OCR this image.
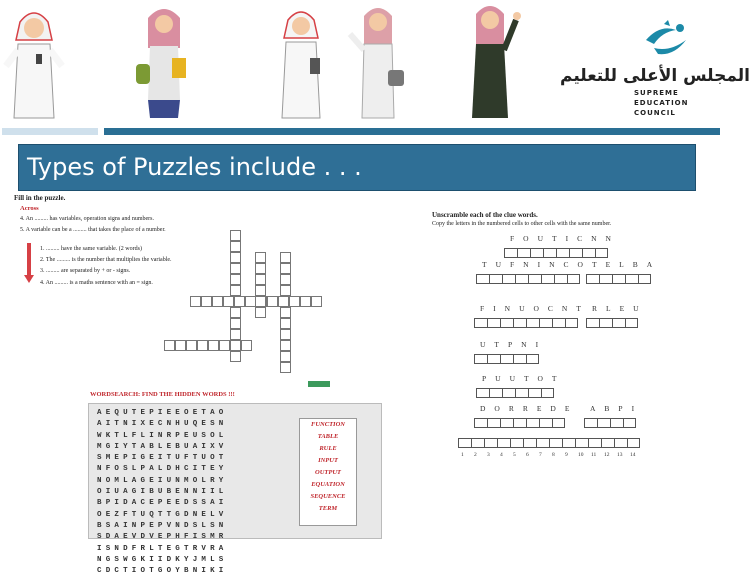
المجلس الأعلى للتعليم
SUPREME
EDUCATION
COUNCIL
Types of Puzzles include . . .
Fill in the puzzle.
Across
4. An ......... has variables, operation signs and numbers.
5. A variable can be a ......... that takes the place of a number.
1. ......... have the same variable. (2 words)
2. The ......... is the number that multiplies the variable.
3. ......... are separated by + or - signs.
4. An ......... is a maths sentence with an = sign.
WORDSEARCH: FIND THE HIDDEN WORDS !!!
AEQUTEPIEEOETAO
AITNIXECNHUQESN
WKTLFLINRPEUSOL
MGIYTABLEBUAIXV
SMEPIGEITUFTUOT
NFOSLPALDHCITEY
NOMLAGEIUNMOLRY
OIUAGIBUBENNIIL
BPIDACEPEEDSSAI
OEZFTUQTTGDNELV
BSAINPEPVNDSLSN
SDAEVDVEPHFISMR
ISNDFRLTEGTRVRA
NGSWGKIIDKYJMLS
CDCTIOTGOYBNIKI
FUNCTION
TABLE
RULE
INPUT
OUTPUT
EQUATION
SEQUENCE
TERM
Unscramble each of the clue words.
Copy the letters in the numbered cells to other cells with the same number.
FOUTICNN
TUFNINCO TELBA
FINUOCNT RLEU
UTPNI
PUUTOT
DORREDE ABPI
1 2 3 4 5 6 7 8 9 10 11 12 13 14
